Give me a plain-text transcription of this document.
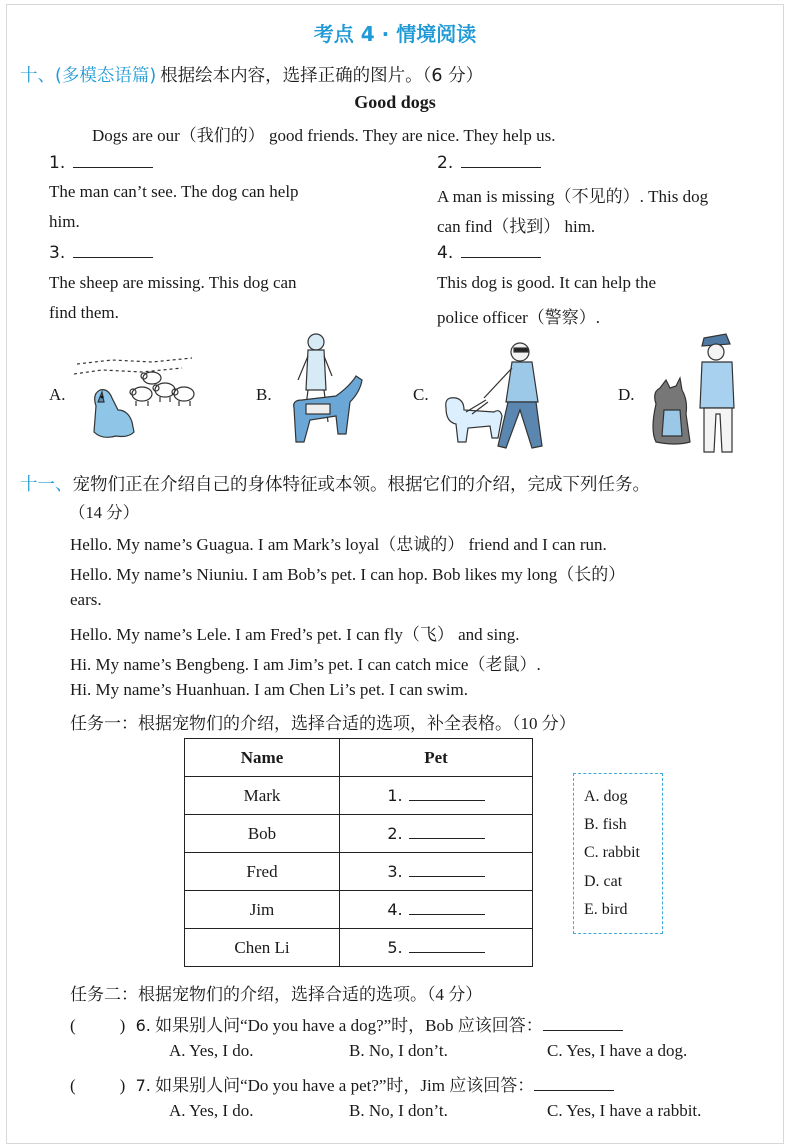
考点 4 · 情境阅读
十、(多模态语篇) 根据绘本内容，选择正确的图片。（6 分）
Good dogs
Dogs are our（我们的） good friends. They are nice. They help us.
1.
The man can’t see. The dog can help
him.
2.
A man is missing（不见的）. This dog
can find（找到） him.
3.
The sheep are missing. This dog can
find them.
4.
This dog is good. It can help the
police officer（警察）.
A.	B.	C.	D.
十一、宠物们正在介绍自己的身体特征或本领。根据它们的介绍，完成下列任务。
（14 分）
Hello. My name’s Guagua. I am Mark’s loyal（忠诚的） friend and I can run.
Hello. My name’s Niuniu. I am Bob’s pet. I can hop. Bob likes my long（长的）
ears.
Hello. My name’s Lele. I am Fred’s pet. I can fly（飞） and sing.
Hi. My name’s Bengbeng. I am Jim’s pet. I can catch mice（老鼠）.
Hi. My name’s Huanhuan. I am Chen Li’s pet. I can swim.
任务一：根据宠物们的介绍，选择合适的选项，补全表格。（10 分）
Name	Pet
Mark	1.
Bob	2.
Fred	3.
Jim	4.
Chen Li	5.
A. dog
B. fish
C. rabbit
D. cat
E. bird
任务二：根据宠物们的介绍，选择合适的选项。（4 分）
(	) 6. 如果别人问“Do you have a dog?”时，Bob 应该回答：
A. Yes, I do.	B. No, I don’t.	C. Yes, I have a dog.
(	) 7. 如果别人问“Do you have a pet?”时，Jim 应该回答：
A. Yes, I do.	B. No, I don’t.	C. Yes, I have a rabbit.
